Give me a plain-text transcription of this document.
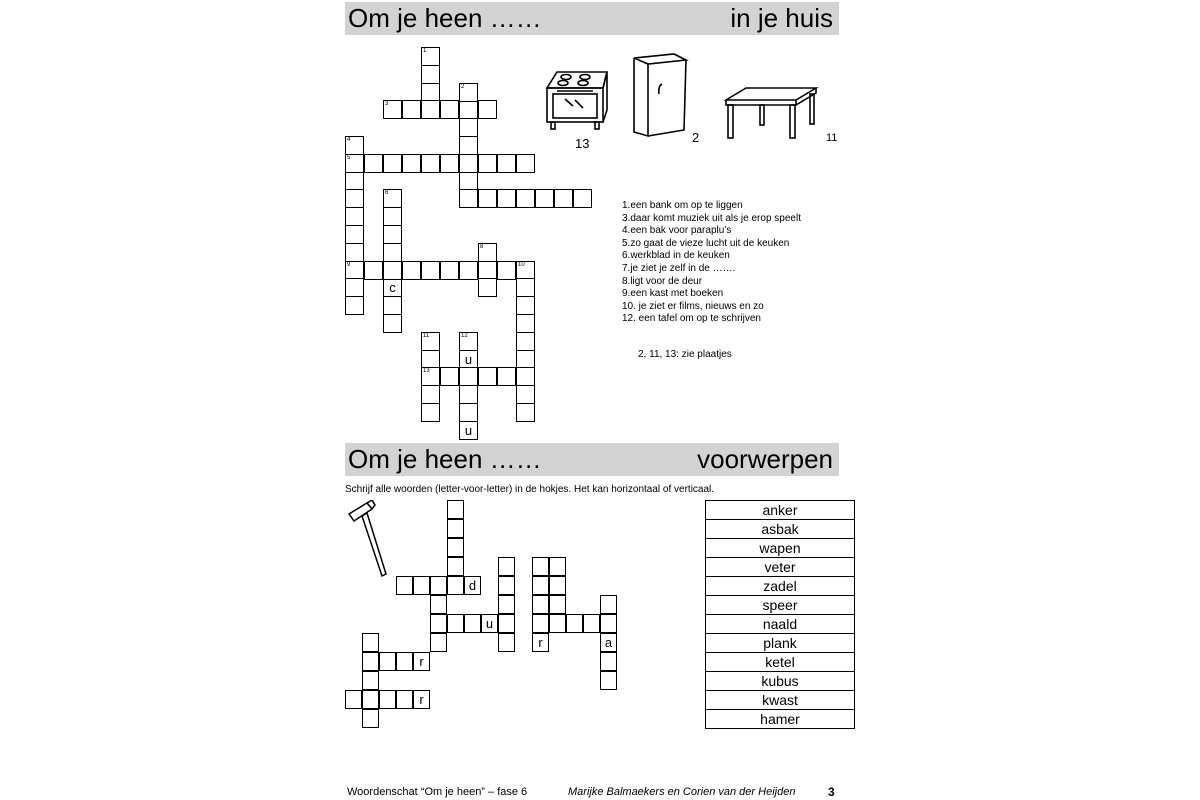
Om je heen ……	in je huis
1
3
2
4
5
9
6
c
10
8
11
13
12
u
u
13	2	11
1.een bank om op te liggen
3.daar komt muziek uit als je erop speelt
4.een bak voor paraplu’s
5.zo gaat de vieze lucht uit de keuken
6.werkblad in de keuken
7.je ziet je zelf in de …….
8.ligt voor de deur
9.een kast met boeken
10. je ziet er films, nieuws en zo
12. een tafel om op te schrijven
2, 11, 13: zie plaatjes
Om je heen ……	voorwerpen
Schrijf alle woorden (letter-voor-letter) in de hokjes. Het kan horizontaal of verticaal.
d
u
r	a
r
r
anker
asbak
wapen
veter
zadel
speer
naald
plank
ketel
kubus
kwast
hamer
Woordenschat “Om je heen” – fase 6	Marijke Balmaekers en Corien van der Heijden	3
